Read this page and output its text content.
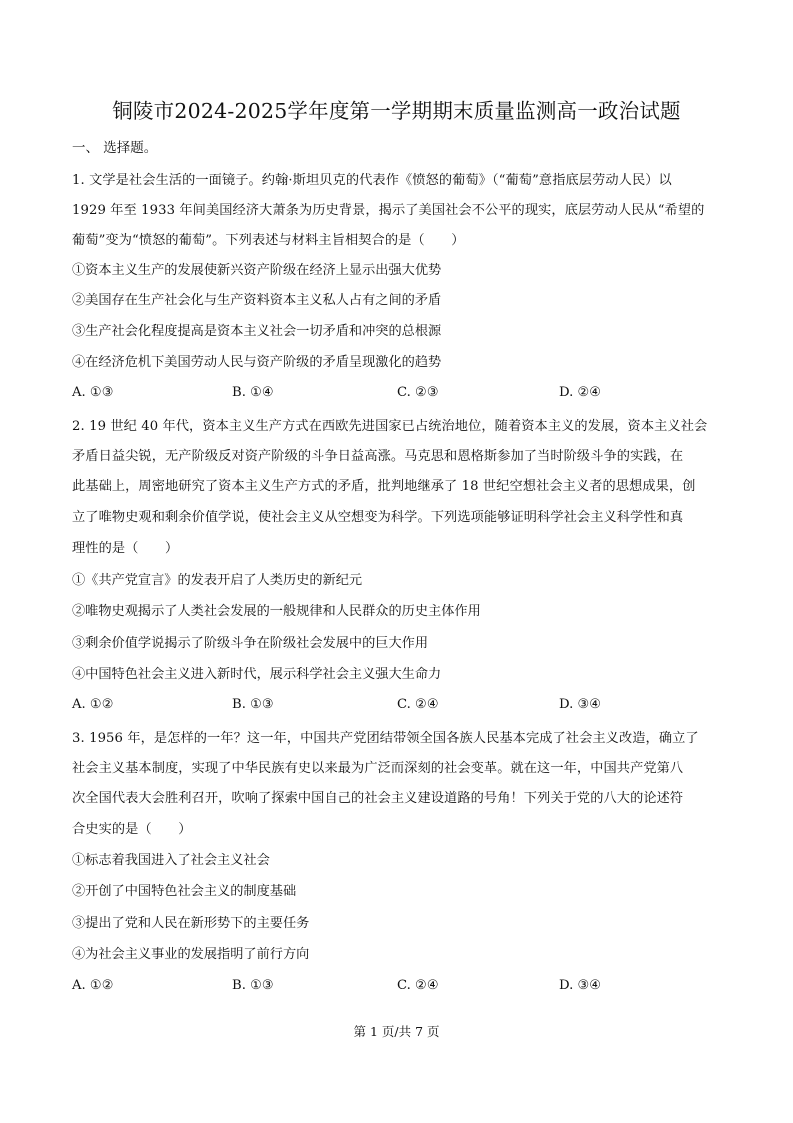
铜陵市2024-2025学年度第一学期期末质量监测高一政治试题
一、 选择题。
1. 文学是社会生活的一面镜子。约翰·斯坦贝克的代表作《愤怒的葡萄》（“葡萄”意指底层劳动人民）以
1929 年至 1933 年间美国经济大萧条为历史背景，揭示了美国社会不公平的现实，底层劳动人民从“希望的
葡萄”变为“愤怒的葡萄”。下列表述与材料主旨相契合的是（　　）
①资本主义生产的发展使新兴资产阶级在经济上显示出强大优势
②美国存在生产社会化与生产资料资本主义私人占有之间的矛盾
③生产社会化程度提高是资本主义社会一切矛盾和冲突的总根源
④在经济危机下美国劳动人民与资产阶级的矛盾呈现激化的趋势
A. ①③	B. ①④	C. ②③	D. ②④
2. 19 世纪 40 年代，资本主义生产方式在西欧先进国家已占统治地位，随着资本主义的发展，资本主义社会
矛盾日益尖锐，无产阶级反对资产阶级的斗争日益高涨。马克思和恩格斯参加了当时阶级斗争的实践，在
此基础上，周密地研究了资本主义生产方式的矛盾，批判地继承了 18 世纪空想社会主义者的思想成果，创
立了唯物史观和剩余价值学说，使社会主义从空想变为科学。下列选项能够证明科学社会主义科学性和真
理性的是（　　）
①《共产党宣言》的发表开启了人类历史的新纪元
②唯物史观揭示了人类社会发展的一般规律和人民群众的历史主体作用
③剩余价值学说揭示了阶级斗争在阶级社会发展中的巨大作用
④中国特色社会主义进入新时代，展示科学社会主义强大生命力
A. ①②	B. ①③	C. ②④	D. ③④
3. 1956 年，是怎样的一年？这一年，中国共产党团结带领全国各族人民基本完成了社会主义改造，确立了
社会主义基本制度，实现了中华民族有史以来最为广泛而深刻的社会变革。就在这一年，中国共产党第八
次全国代表大会胜利召开，吹响了探索中国自己的社会主义建设道路的号角！下列关于党的八大的论述符
合史实的是（　　）
①标志着我国进入了社会主义社会
②开创了中国特色社会主义的制度基础
③提出了党和人民在新形势下的主要任务
④为社会主义事业的发展指明了前行方向
A. ①②	B. ①③	C. ②④	D. ③④
第 1 页/共 7 页
